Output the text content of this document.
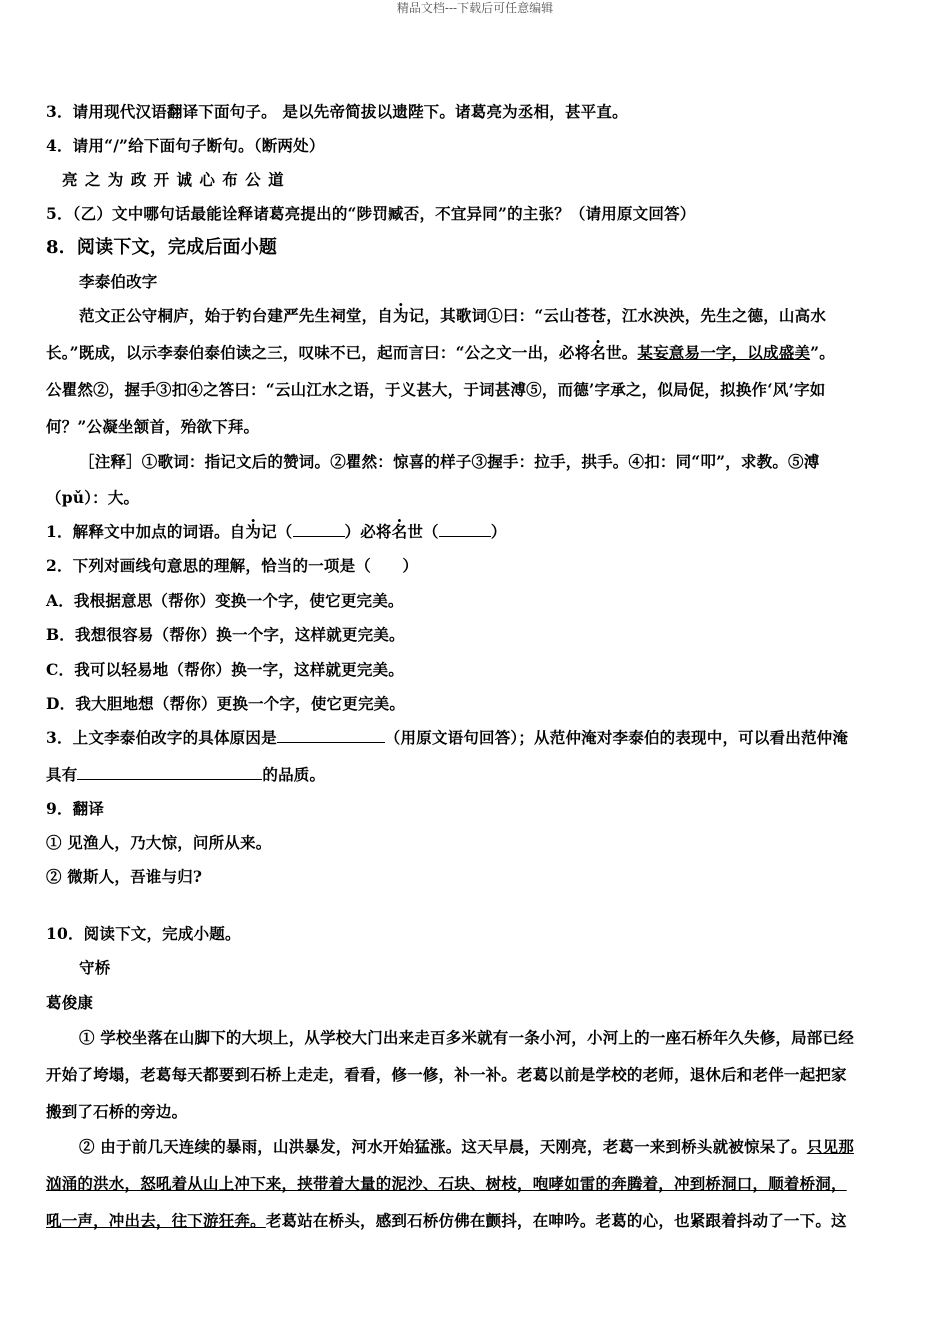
精品文档---下载后可任意编辑
3．请用现代汉语翻译下面句子。 是以先帝简拔以遗陛下。诸葛亮为丞相，甚平直。
4．请用“/”给下面句子断句。（断两处）
亮 之 为 政 开 诚 心 布 公 道
5．（乙）文中哪句话最能诠释诸葛亮提出的“陟罚臧否，不宜异同”的主张？（请用原文回答）
8．阅读下文，完成后面小题
李泰伯改字
范文正公守桐庐，始于钓台建严先生祠堂，自为记，其歌词①曰：“云山苍苍，江水泱泱，先生之德，山高水
长。”既成，以示李泰伯泰伯读之三，叹味不已，起而言曰：“公之文一出，必将名世。某妄意易一字，以成盛美”。
公瞿然②，握手③扣④之答曰：“云山江水之语，于义甚大，于词甚溥⑤，而德’字承之，似局促，拟换作‘风’字如
何？”公凝坐颔首，殆欲下拜。
［注释］①歌词：指记文后的赞词。②瞿然：惊喜的样子③握手：拉手，拱手。④扣：同“叩”，求教。⑤溥
（pǔ）：大。
1．解释文中加点的词语。自为记（	）必将名世（	）
2．下列对画线句意思的理解，恰当的一项是（　　）
A．我根据意思（帮你）变换一个字，使它更完美。
B．我想很容易（帮你）换一个字，这样就更完美。
C．我可以轻易地（帮你）换一字，这样就更完美。
D．我大胆地想（帮你）更换一个字，使它更完美。
3．上文李泰伯改字的具体原因是	（用原文语句回答）；从范仲淹对李泰伯的表现中，可以看出范仲淹
具有	的品质。
9．翻译
① 见渔人，乃大惊，问所从来。
② 微斯人，吾谁与归?
10．阅读下文，完成小题。
守桥
葛俊康
① 学校坐落在山脚下的大坝上，从学校大门出来走百多米就有一条小河，小河上的一座石桥年久失修，局部已经
开始了垮塌，老葛每天都要到石桥上走走，看看，修一修，补一补。老葛以前是学校的老师，退休后和老伴一起把家
搬到了石桥的旁边。
② 由于前几天连续的暴雨，山洪暴发，河水开始猛涨。这天早晨，天刚亮，老葛一来到桥头就被惊呆了。只见那
汹涌的洪水，怒吼着从山上冲下来，挟带着大量的泥沙、石块、树枝，咆哮如雷的奔腾着，冲到桥洞口，顺着桥洞，
吼一声，冲出去，往下游狂奔。老葛站在桥头，感到石桥仿佛在颤抖，在呻吟。老葛的心，也紧跟着抖动了一下。这
